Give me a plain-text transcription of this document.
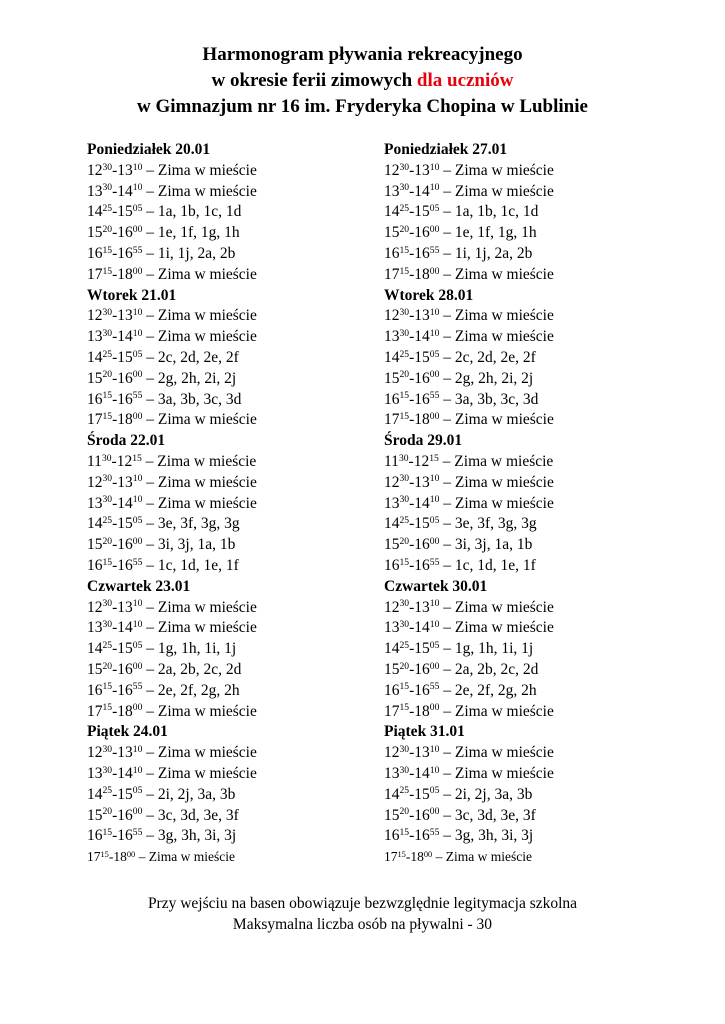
Harmonogram pływania rekreacyjnego
w okresie ferii zimowych dla uczniów
w Gimnazjum nr 16 im. Fryderyka Chopina w Lublinie
Poniedziałek 20.01
$12^{30}-13^{10}$ – Zima w mieście
$13^{30}-14^{10}$ – Zima w mieście
$14^{25}-15^{05} - 1a$, 1b, 1c, 1d
$15^{20}-16^{00} - 1e$, 1f, 1g, 1h
$16^{15}-16^{55} - 1i$, 1j, 2a, 2b
$17^{15}-18^{00}$ – Zima w mieście
Wtorek 21.01
$12^{30}-13^{10}$ – Zima w mieście
$13^{30}-14^{10}$ – Zima w mieście
$14^{25}-15^{05} - 2c$, 2d, 2e, 2f
$15^{20}-16^{00} - 2g$, 2h, 2i, 2j
$16^{15}-16^{55} - 3a$, 3b, 3c, 3d
$17^{15}-18^{00}$ – Zima w mieście
Środa 22.01
$11^{30}-12^{15}$ – Zima w mieście
$12^{30}-13^{10}$ – Zima w mieście
$13^{30}-14^{10}$ – Zima w mieście
$14^{25}-15^{05} - 3e$, 3f, 3g, 3g
$15^{20}-16^{00} - 3i$, 3j, 1a, 1b
$16^{15}-16^{55} - 1c$, 1d, 1e, 1f
Czwartek 23.01
$12^{30}-13^{10}$ – Zima w mieście
$13^{30}-14^{10}$ – Zima w mieście
$14^{25}-15^{05} - 1g$, 1h, 1i, 1j
$15^{20}-16^{00} - 2a$, 2b, 2c, 2d
$16^{15}-16^{55} - 2e$, 2f, 2g, 2h
$17^{15}-18^{00}$ – Zima w mieście
Piątek 24.01
$12^{30}-13^{10}$ – Zima w mieście
$13^{30}-14^{10}$ – Zima w mieście
$14^{25}-15^{05} - 2i$, 2j, 3a, 3b
$15^{20}-16^{00} - 3c$, 3d, 3e, 3f
$16^{15}-16^{55} - 3g$, 3h, 3i, 3j
$17^{15}-18^{00}$ – Zima w mieście
Poniedziałek 27.01
$12^{30}-13^{10}$ – Zima w mieście
$13^{30}-14^{10}$ – Zima w mieście
$14^{25}-15^{05} - 1a$, 1b, 1c, 1d
$15^{20}-16^{00} - 1e$, 1f, 1g, 1h
$16^{15}-16^{55} - 1i$, 1j, 2a, 2b
$17^{15}-18^{00}$ – Zima w mieście
Wtorek 28.01
$12^{30}-13^{10}$ – Zima w mieście
$13^{30}-14^{10}$ – Zima w mieście
$14^{25}-15^{05} - 2c$, 2d, 2e, 2f
$15^{20}-16^{00} - 2g$, 2h, 2i, 2j
$16^{15}-16^{55} - 3a$, 3b, 3c, 3d
$17^{15}-18^{00}$ – Zima w mieście
Środa 29.01
$11^{30}-12^{15}$ – Zima w mieście
$12^{30}-13^{10}$ – Zima w mieście
$13^{30}-14^{10}$ – Zima w mieście
$14^{25}-15^{05} - 3e$, 3f, 3g, 3g
$15^{20}-16^{00} - 3i$, 3j, 1a, 1b
$16^{15}-16^{55} - 1c$, 1d, 1e, 1f
Czwartek 30.01
$12^{30}-13^{10}$ – Zima w mieście
$13^{30}-14^{10}$ – Zima w mieście
$14^{25}-15^{05} - 1g$, 1h, 1i, 1j
$15^{20}-16^{00} - 2a$, 2b, 2c, 2d
$16^{15}-16^{55} - 2e$, 2f, 2g, 2h
$17^{15}-18^{00}$ – Zima w mieście
Piątek 31.01
$12^{30}-13^{10}$ – Zima w mieście
$13^{30}-14^{10}$ – Zima w mieście
$14^{25}-15^{05} - 2i$, 2j, 3a, 3b
$15^{20}-16^{00} - 3c$, 3d, 3e, 3f
$16^{15}-16^{55} - 3g$, 3h, 3i, 3j
$17^{15}-18^{00}$ – Zima w mieście
Przy wejściu na basen obowiązuje bezwzględnie legitymacja szkolna
Maksymalna liczba osób na pływalni - 30
